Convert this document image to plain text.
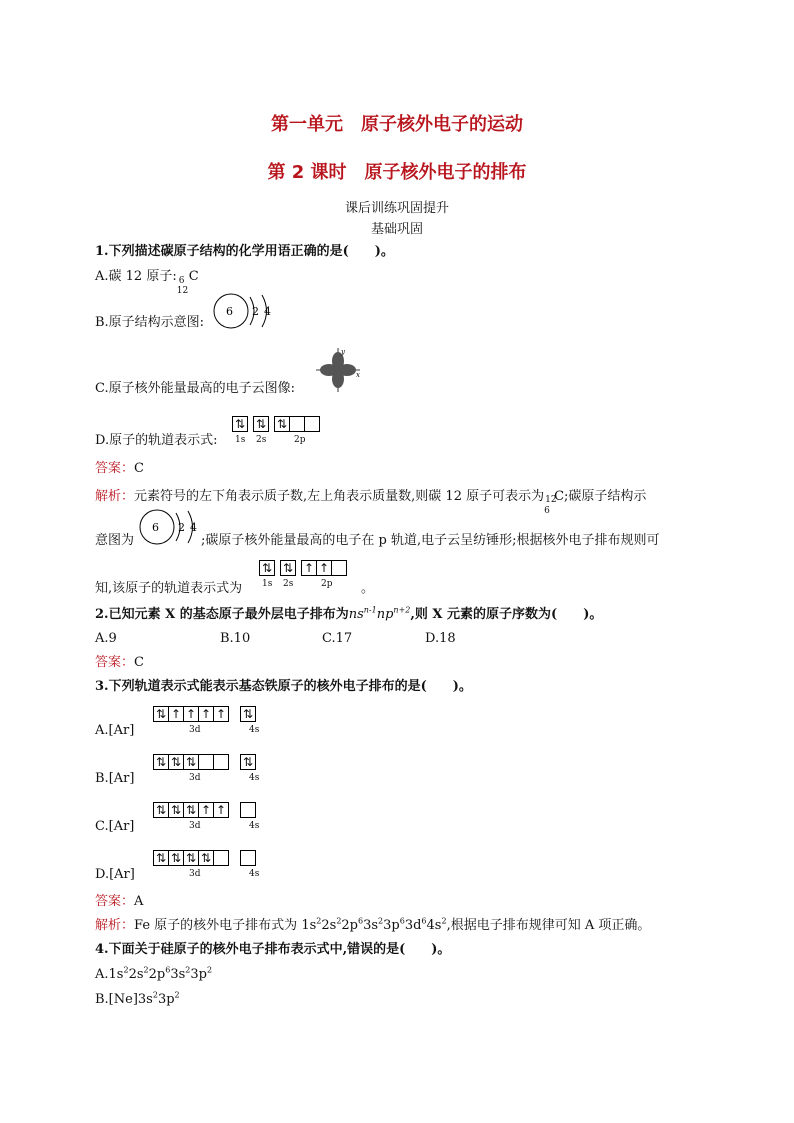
第一单元　原子核外电子的运动
第 2 课时　原子核外电子的排布
课后训练巩固提升
基础巩固
1.下列描述碳原子结构的化学用语正确的是(　　)。
A.碳 12 原子: 6
12
C
B.原子结构示意图:
6 2 4
C.原子核外能量最高的电子云图像:
y
x
D.原子的轨道表示式:
⇅ ⇅ ⇅
1s 2s	2p
答案：C
解析：元素符号的左下角表示质子数,左上角表示质量数,则碳 12 原子可表示为 12
6
C;碳原子结构示
意图为
6 2 4
;碳原子核外能量最高的电子在 p 轨道,电子云呈纺锤形;根据核外电子排布规则可
知,该原子的轨道表示式为
⇅ ⇅ ↑ ↑
1s 2s	2p 。
2.已知元素 X 的基态原子最外层电子排布为$ns^{n-1}np^{n+2}$,则 X 元素的原子序数为(　　)。
A.9	B.10	C.17	D.18
答案：C
3.下列轨道表示式能表示基态铁原子的核外电子排布的是(　　)。
A.[Ar]
⇅ ↑ ↑ ↑ ↑ ⇅
3d	4s
B.[Ar]
⇅ ⇅ ⇅	⇅
3d	4s
C.[Ar]
⇅ ⇅ ⇅ ↑ ↑
3d	4s
D.[Ar]
⇅ ⇅ ⇅ ⇅
3d	4s
答案：A
解析：Fe 原子的核外电子排布式为 $1s^22s^22p^63s^23p^63d^64s^2$,根据电子排布规律可知 A 项正确。
4.下面关于硅原子的核外电子排布表示式中,错误的是(　　)。
$A.1s^22s^22p^63s^23p^2$
$B.[Ne]3s^23p^2$
